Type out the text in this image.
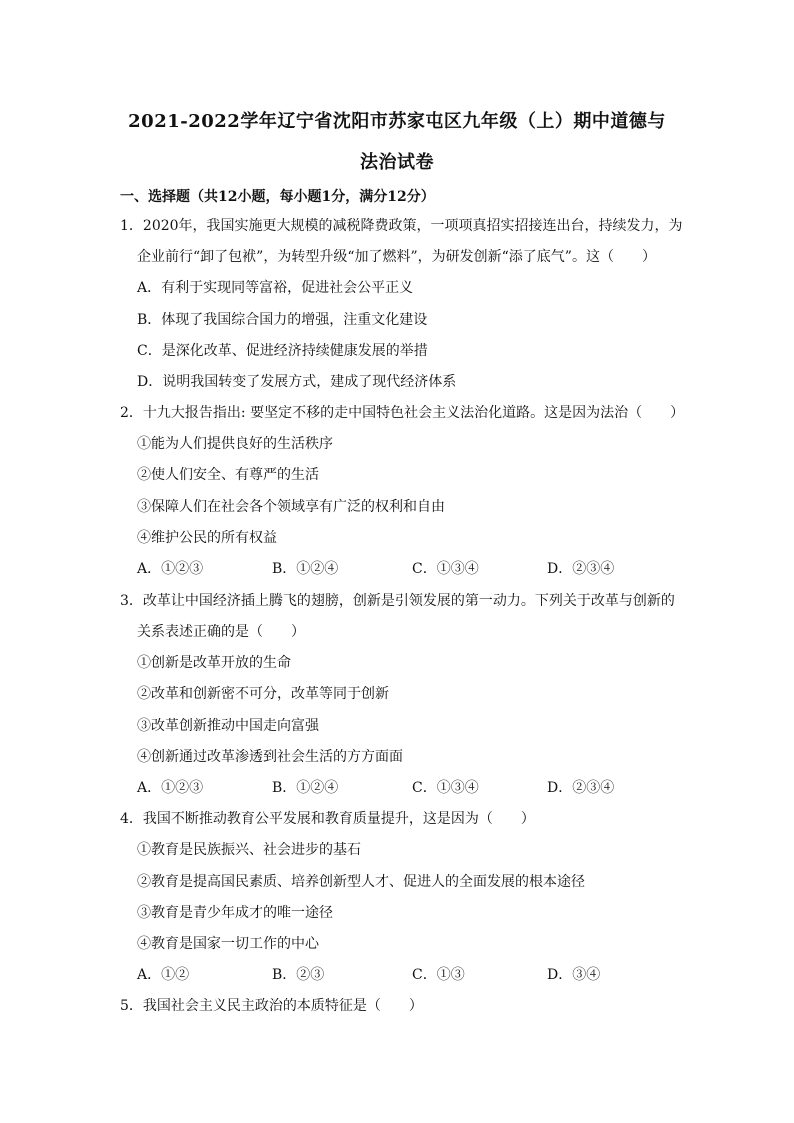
2021-2022学年辽宁省沈阳市苏家屯区九年级（上）期中道德与
法治试卷
一、选择题（共12小题，每小题1分，满分12分）
1．2020年，我国实施更大规模的减税降费政策，一项项真招实招接连出台，持续发力，为
企业前行“卸了包袱”，为转型升级“加了燃料”，为研发创新“添了底气”。这（　　）
A．有利于实现同等富裕，促进社会公平正义
B．体现了我国综合国力的增强，注重文化建设
C．是深化改革、促进经济持续健康发展的举措
D．说明我国转变了发展方式，建成了现代经济体系
2．十九大报告指出: 要坚定不移的走中国特色社会主义法治化道路。这是因为法治（　　）
①能为人们提供良好的生活秩序
②使人们安全、有尊严的生活
③保障人们在社会各个领域享有广泛的权利和自由
④维护公民的所有权益
A．①②③	B．①②④	C．①③④	D．②③④
3．改革让中国经济插上腾飞的翅膀，创新是引领发展的第一动力。下列关于改革与创新的
关系表述正确的是（　　）
①创新是改革开放的生命
②改革和创新密不可分，改革等同于创新
③改革创新推动中国走向富强
④创新通过改革渗透到社会生活的方方面面
A．①②③	B．①②④	C．①③④	D．②③④
4．我国不断推动教育公平发展和教育质量提升，这是因为（　　）
①教育是民族振兴、社会进步的基石
②教育是提高国民素质、培养创新型人才、促进人的全面发展的根本途径
③教育是青少年成才的唯一途径
④教育是国家一切工作的中心
A．①②	B．②③	C．①③	D．③④
5．我国社会主义民主政治的本质特征是（　　）
